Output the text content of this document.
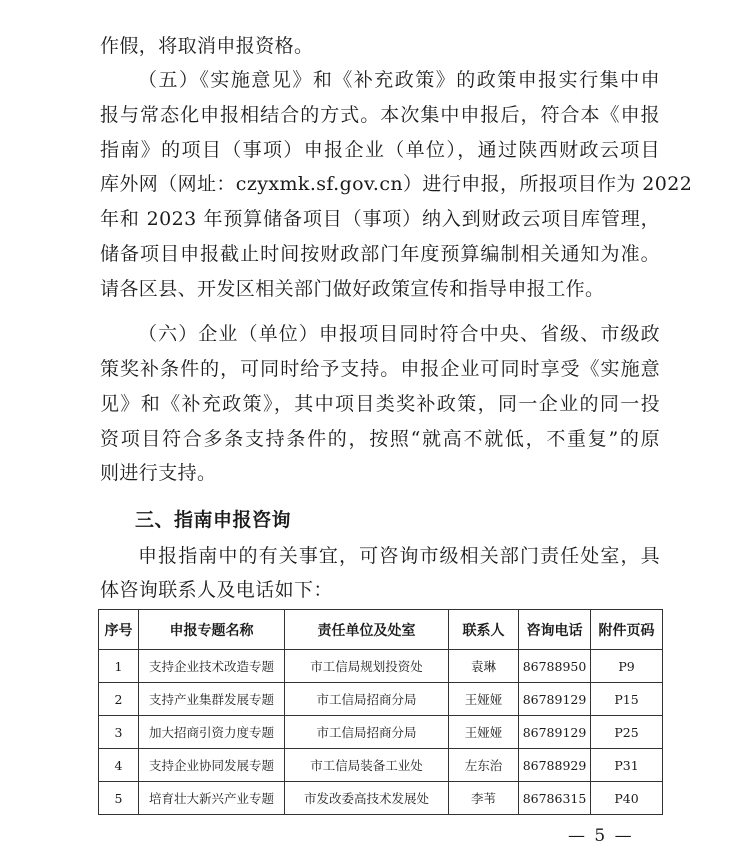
作假，将取消申报资格。
（五）《实施意见》和《补充政策》的政策申报实行集中申
报与常态化申报相结合的方式。本次集中申报后，符合本《申报
指南》的项目（事项）申报企业（单位），通过陕西财政云项目
库外网（网址：czyxmk.sf.gov.cn）进行申报，所报项目作为 2022
年和 2023 年预算储备项目（事项）纳入到财政云项目库管理，
储备项目申报截止时间按财政部门年度预算编制相关通知为准。
请各区县、开发区相关部门做好政策宣传和指导申报工作。
（六）企业（单位）申报项目同时符合中央、省级、市级政
策奖补条件的，可同时给予支持。申报企业可同时享受《实施意
见》和《补充政策》，其中项目类奖补政策，同一企业的同一投
资项目符合多条支持条件的，按照“就高不就低，不重复”的原
则进行支持。
三、指南申报咨询
申报指南中的有关事宜，可咨询市级相关部门责任处室，具
体咨询联系人及电话如下：
序号	申报专题名称	责任单位及处室	联系人	咨询电话	附件页码
1	支持企业技术改造专题	市工信局规划投资处	袁琳	86788950	P9
2	支持产业集群发展专题	市工信局招商分局	王娅娅	86789129	P15
3	加大招商引资力度专题	市工信局招商分局	王娅娅	86789129	P25
4	支持企业协同发展专题	市工信局装备工业处	左东治	86788929	P31
5	培育壮大新兴产业专题	市发改委高技术发展处	李苇	86786315	P40
— 5 —
